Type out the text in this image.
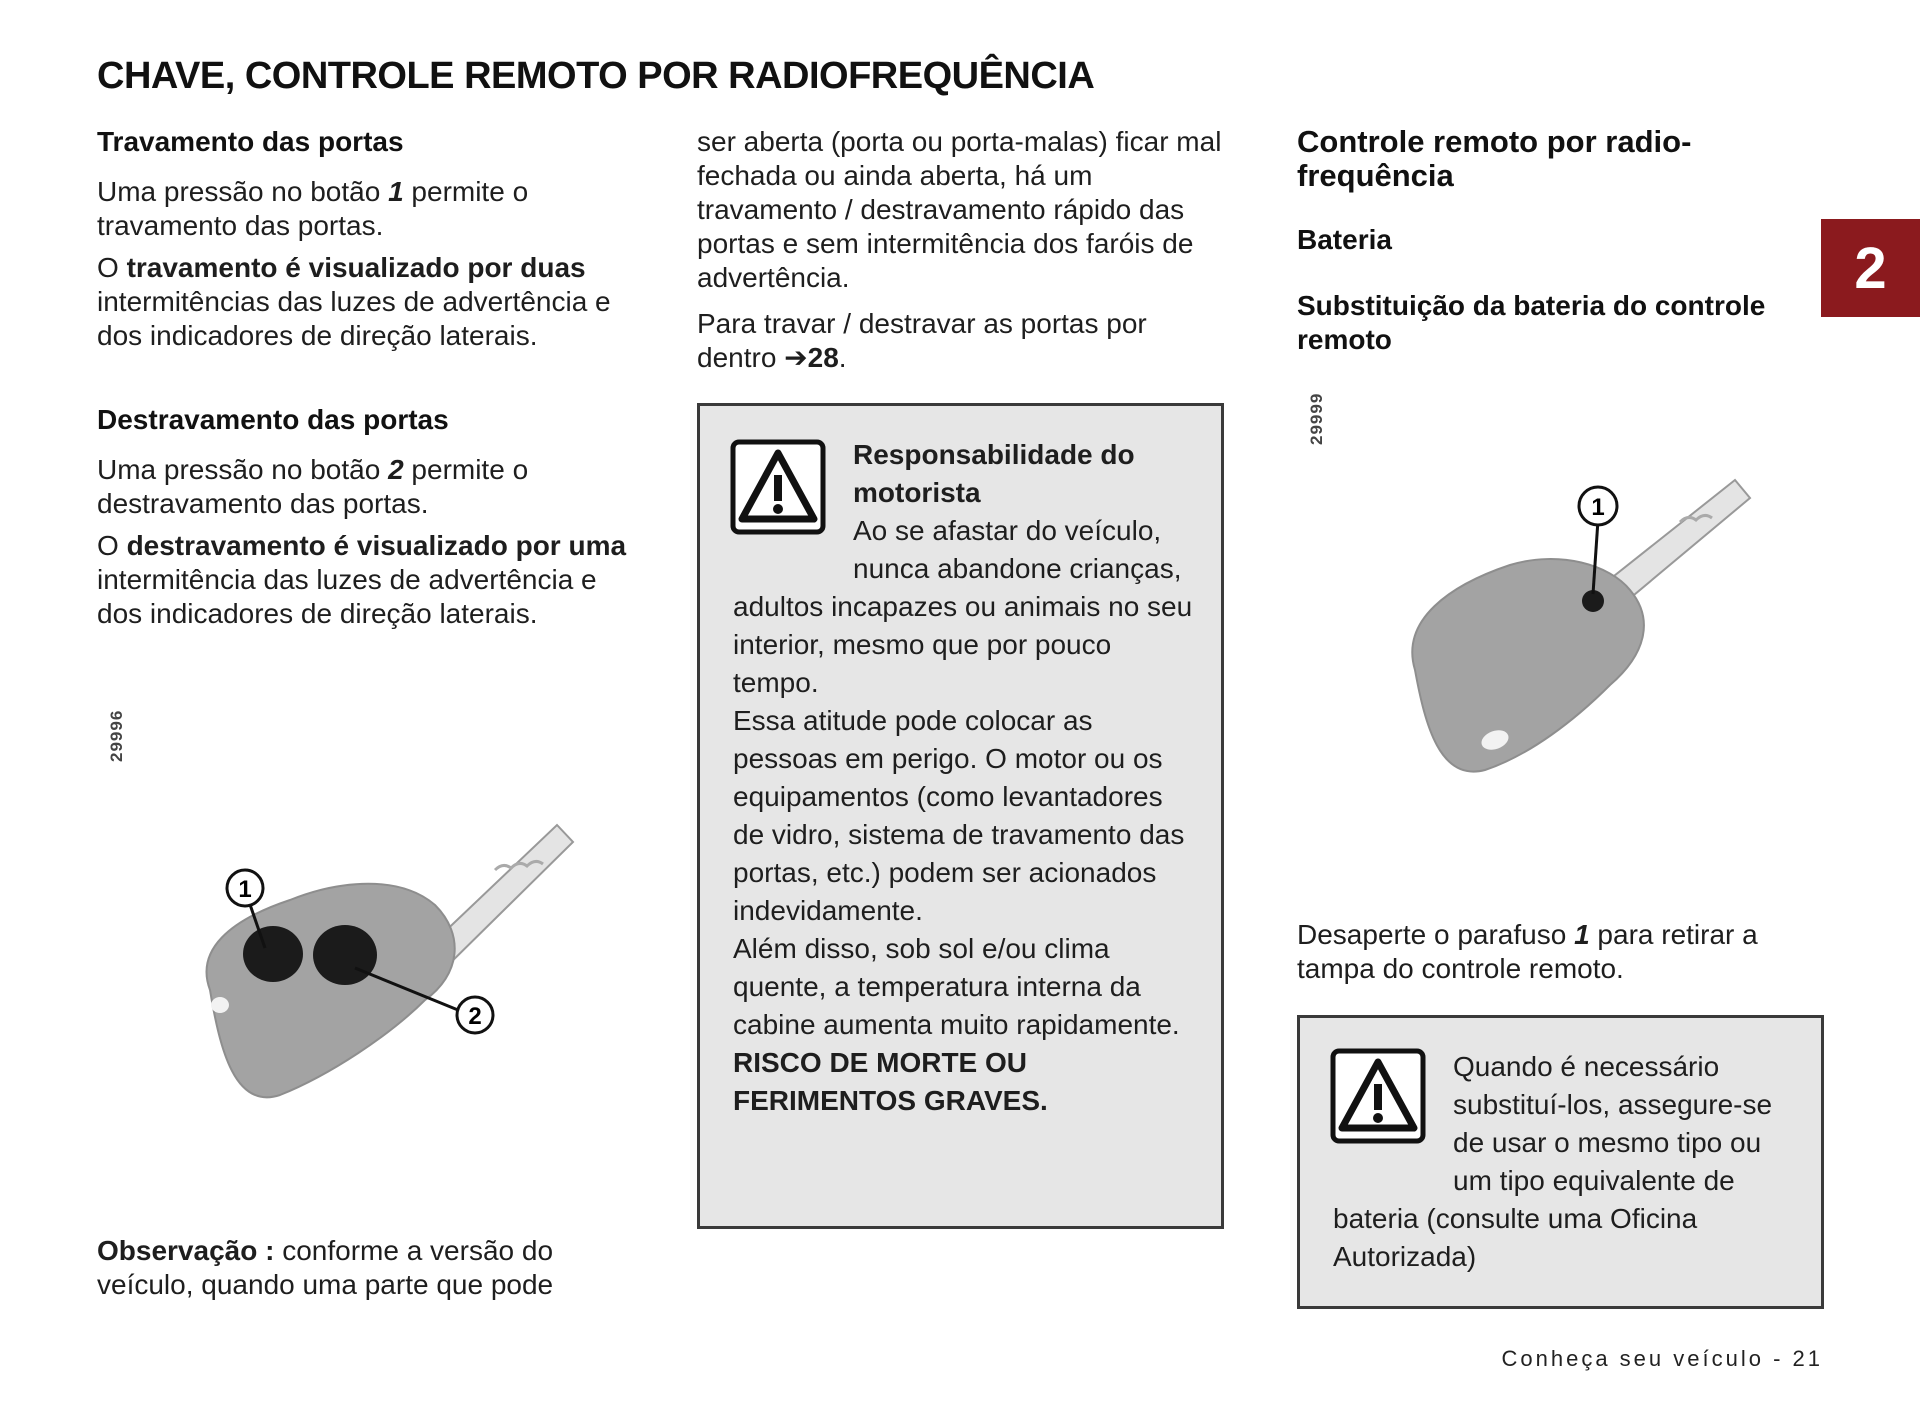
CHAVE, CONTROLE REMOTO POR RADIOFREQUÊNCIA
2
Travamento das portas

Uma pressão no botão 1 permite o travamento das portas.

O travamento é visualizado por duas intermitências das luzes de advertência e dos indicadores de direção laterais.

Destravamento das portas

Uma pressão no botão 2 permite o destravamento das portas.

O destravamento é visualizado por uma intermitência das luzes de advertência e dos indicadores de direção laterais.

29996
1
2

Observação : conforme a versão do veículo, quando uma parte que pode

ser aberta (porta ou porta-malas) ficar mal fechada ou ainda aberta, há um travamento / destravamento rápido das portas e sem intermitência dos faróis de advertência.

Para travar / destravar as portas por dentro ➔28.

Responsabilidade do motorista
Ao se afastar do veículo, nunca abandone crianças, adultos incapazes ou animais no seu interior, mesmo que por pouco tempo.
Essa atitude pode colocar as pessoas em perigo. O motor ou os equipamentos (como levantadores de vidro, sistema de travamento das portas, etc.) podem ser acionados indevidamente.
Além disso, sob sol e/ou clima quente, a temperatura interna da cabine aumenta muito rapidamente.
RISCO DE MORTE OU FERIMENTOS GRAVES.
Controle remoto por radio-frequência
Bateria
Substituição da bateria do controle remoto
29999
1

Desaperte o parafuso 1 para retirar a tampa do controle remoto.

Quando é necessário substituí-los, assegure-se de usar o mesmo tipo ou um tipo equivalente de bateria (consulte uma Oficina Autorizada)
Conheça seu veículo - 21
